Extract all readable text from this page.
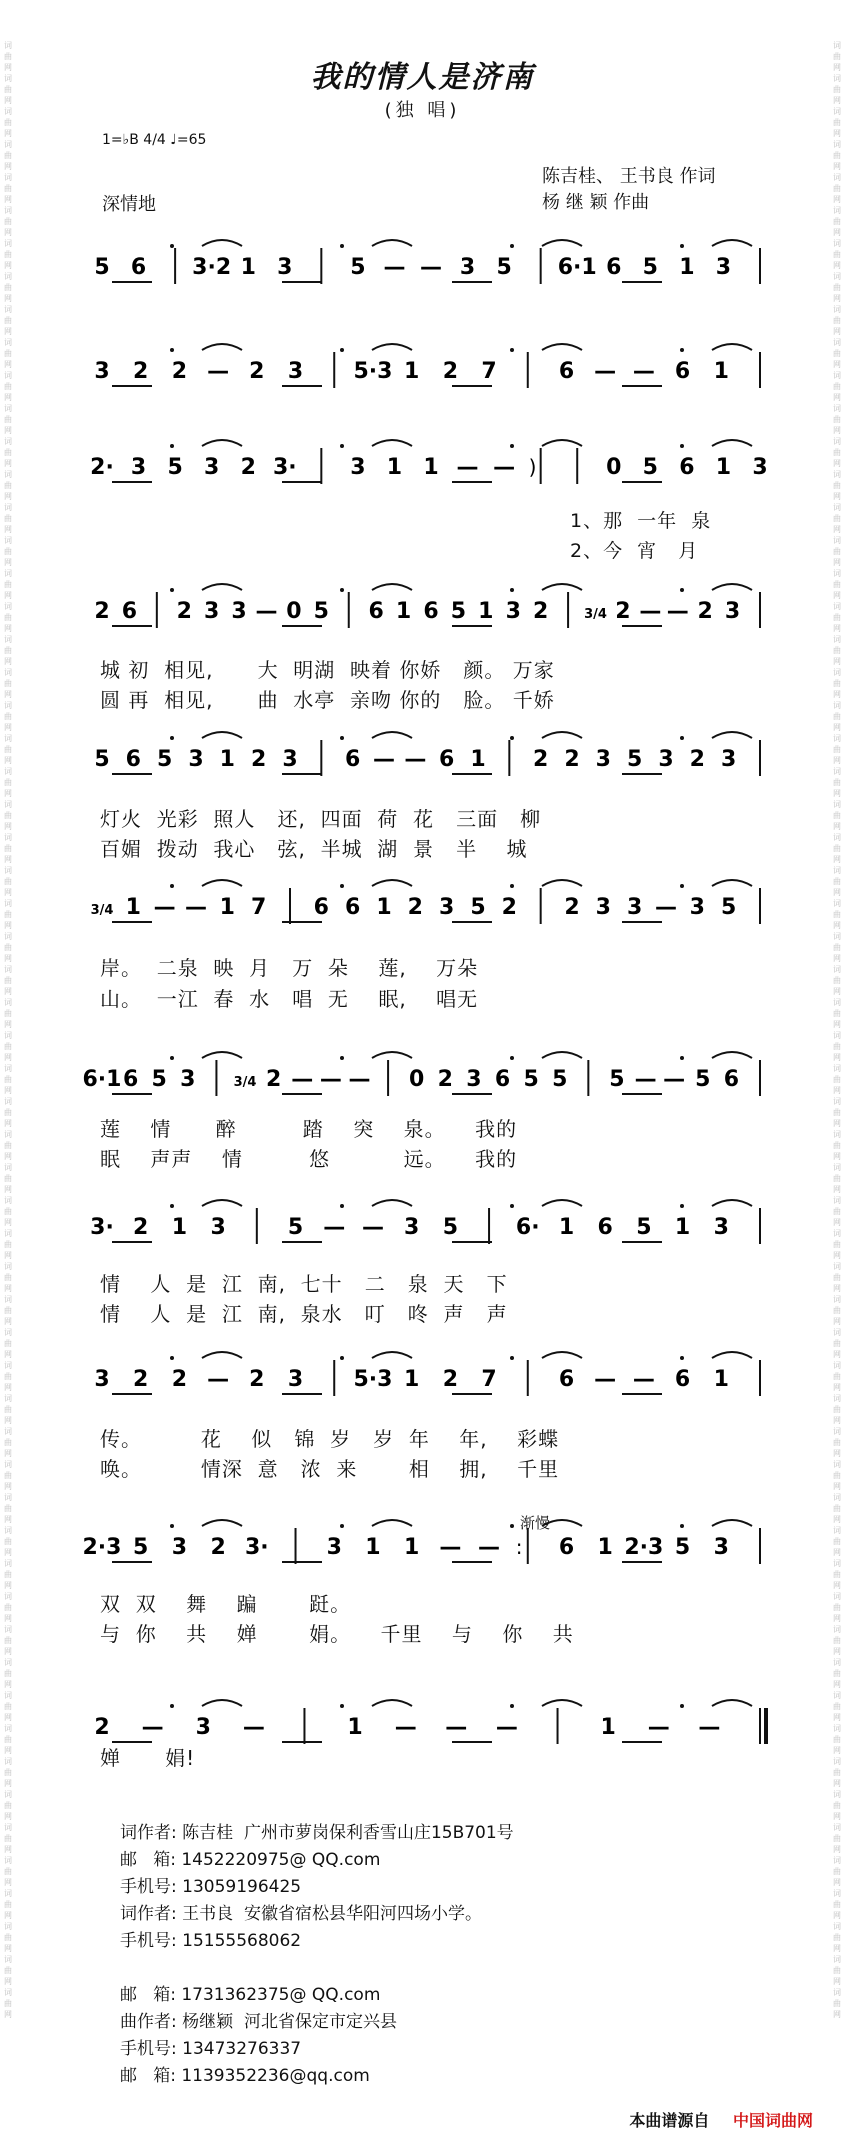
词曲网 词曲网 词曲网 词曲网 词曲网 词曲网 词曲网 词曲网 词曲网 词曲网 词曲网 词曲网 词曲网 词曲网 词曲网 词曲网 词曲网 词曲网 词曲网 词曲网 词曲网 词曲网 词曲网 词曲网 词曲网 词曲网 词曲网 词曲网 词曲网 词曲网 词曲网 词曲网 词曲网 词曲网 词曲网 词曲网 词曲网 词曲网 词曲网 词曲网 词曲网 词曲网 词曲网 词曲网 词曲网 词曲网 词曲网 词曲网 词曲网 词曲网 词曲网 词曲网 词曲网 词曲网 词曲网 词曲网 词曲网 词曲网 词曲网 词曲网
词曲网 词曲网 词曲网 词曲网 词曲网 词曲网 词曲网 词曲网 词曲网 词曲网 词曲网 词曲网 词曲网 词曲网 词曲网 词曲网 词曲网 词曲网 词曲网 词曲网 词曲网 词曲网 词曲网 词曲网 词曲网 词曲网 词曲网 词曲网 词曲网 词曲网 词曲网 词曲网 词曲网 词曲网 词曲网 词曲网 词曲网 词曲网 词曲网 词曲网 词曲网 词曲网 词曲网 词曲网 词曲网 词曲网 词曲网 词曲网 词曲网 词曲网 词曲网 词曲网 词曲网 词曲网 词曲网 词曲网 词曲网 词曲网 词曲网 词曲网
我的情人是济南
(独 唱)
1=♭B 4/4 ♩=65
陈吉桂、 王书良 作词
杨 继 颖 作曲
深情地
5 6 3·2 1 3	5 — — 3 5 6·1 6 5 1 3
3 2 2 — 2 3 5·3 1 2 7	6 — — 6 1
2· 3 5 3 2 3· 3 1 1 — — )	0 5 6 1 3
2 6 2 3 3 — 0 5 6 1 6 5 1 3 2	3/4 2 — — 2 3
5 6 5 3 1 2 3 6 — — 6 1 2 2 3 5 3 2 3
3/4 1 — — 1 7 6 6 1 2 3 5 2 2 3 3 — 3 5
6·1 6 5 3	3/4 2 — — — 0 2 3 6 5 5 5 — — 5 6
3· 2 1 3	5 — — 3 5	6· 1 6 5 1 3
3 2 2 — 2 3 5·3 1 2 7	6 — — 6 1
2·3 5 3 2 3·	3 1 1 — — : 6 1 2·3 5 3
2 — 3 —	1 — — —	1 — —
1、那  一年  泉
2、今  宵   月
城 初  相见,      大  明湖  映着 你娇   颜。 万家
圆 再  相见,      曲  水亭  亲吻 你的   脸。 千娇
灯火  光彩  照人   还,  四面  荷  花   三面   柳
百媚  拨动  我心   弦,  半城  湖  景   半    城
岸。  二泉  映  月   万  朵    莲,    万朵
山。  一江  春  水   唱  无    眠,    唱无
莲    情      醉         踏    突    泉。    我的
眠    声声    情         悠          远。    我的
情    人  是  江  南,  七十   二   泉  天   下
情    人  是  江  南,  泉水   叮   咚  声   声
传。        花    似   锦  岁   岁  年    年,    彩蝶
唤。        情深  意   浓  来       相    拥,    千里
双  双    舞    蹁       跹。
与  你    共    婵       娟。    千里    与    你    共
婵      娟!
渐慢
词作者: 陈吉桂  广州市萝岗保利香雪山庄15B701号
邮   箱: 1452220975@ QQ.com
手机号: 13059196425
词作者: 王书良  安徽省宿松县华阳河四场小学。
手机号: 15155568062

邮   箱: 1731362375@ QQ.com
曲作者: 杨继颖  河北省保定市定兴县
手机号: 13473276337
邮   箱: 1139352236@qq.com
本曲谱源自 中国词曲网
